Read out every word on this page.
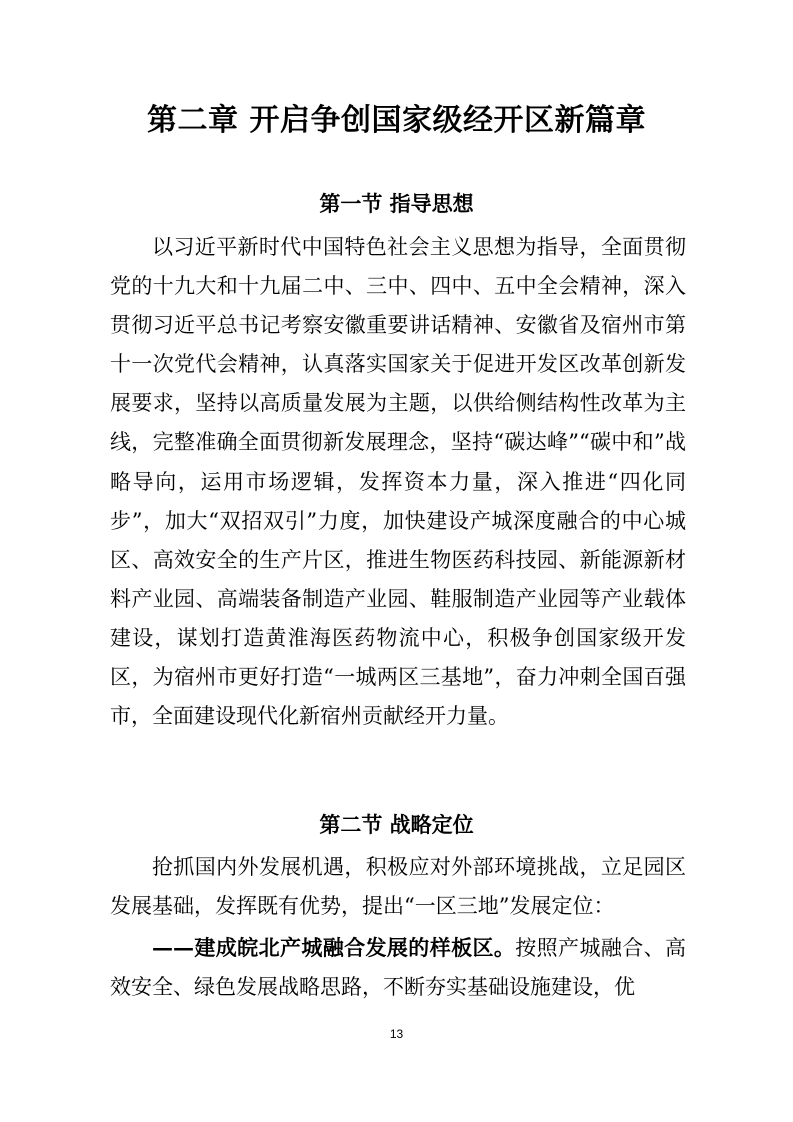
第二章 开启争创国家级经开区新篇章
第一节 指导思想

以习近平新时代中国特色社会主义思想为指导，全面贯彻党的十九大和十九届二中、三中、四中、五中全会精神，深入贯彻习近平总书记考察安徽重要讲话精神、安徽省及宿州市第十一次党代会精神，认真落实国家关于促进开发区改革创新发展要求，坚持以高质量发展为主题，以供给侧结构性改革为主线，完整准确全面贯彻新发展理念，坚持“碳达峰”“碳中和”战略导向，运用市场逻辑，发挥资本力量，深入推进“四化同步”，加大“双招双引”力度，加快建设产城深度融合的中心城区、高效安全的生产片区，推进生物医药科技园、新能源新材料产业园、高端装备制造产业园、鞋服制造产业园等产业载体建设，谋划打造黄淮海医药物流中心，积极争创国家级开发区，为宿州市更好打造“一城两区三基地”，奋力冲刺全国百强市，全面建设现代化新宿州贡献经开力量。

第二节 战略定位

抢抓国内外发展机遇，积极应对外部环境挑战，立足园区发展基础，发挥既有优势，提出“一区三地”发展定位：

——建成皖北产城融合发展的样板区。按照产城融合、高效安全、绿色发展战略思路，不断夯实基础设施建设，优

13
